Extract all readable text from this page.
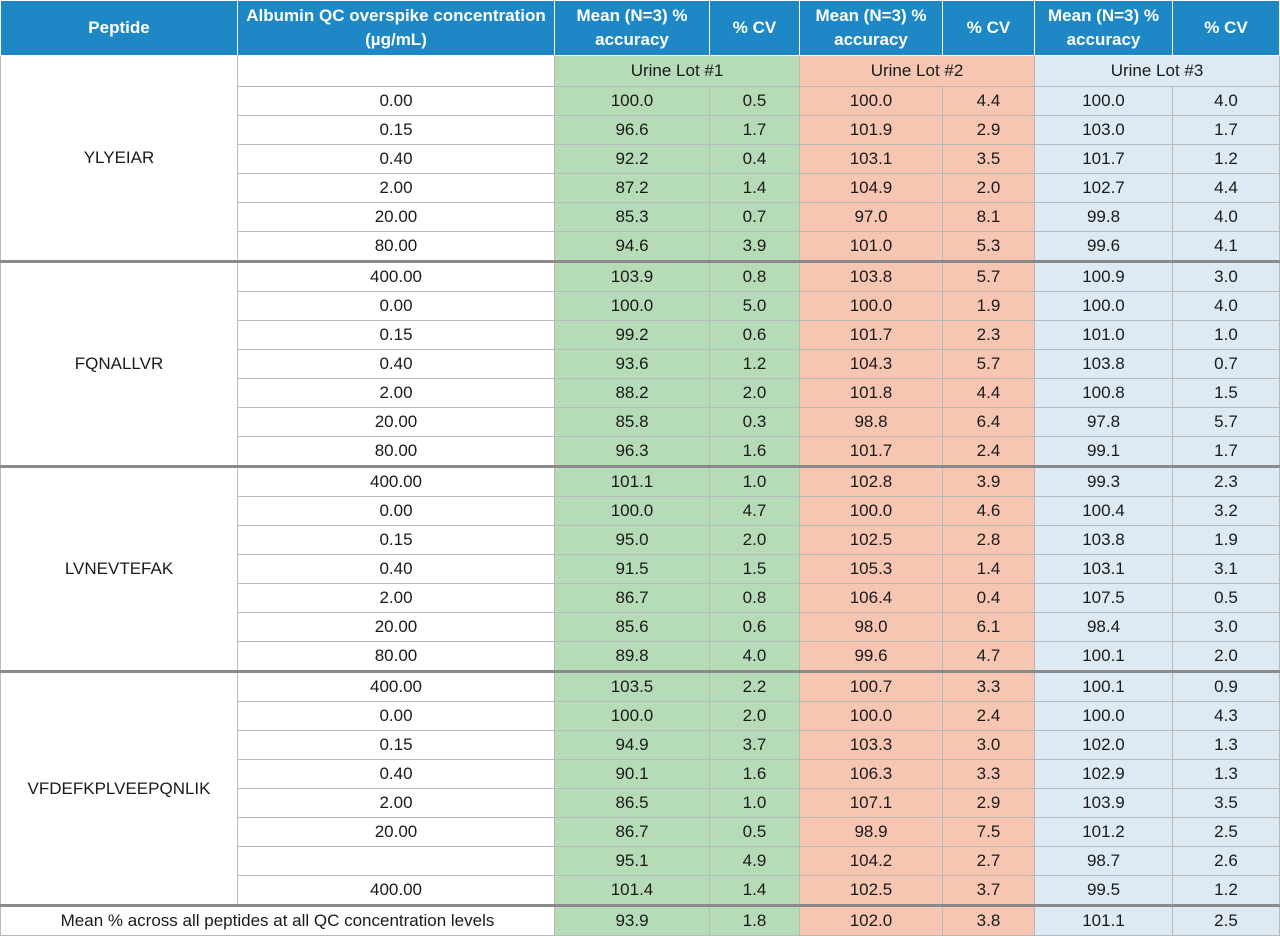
Peptide	Albumin QC overspike concentration (µg/mL)	Mean (N=3) % accuracy	% CV	Mean (N=3) % accuracy	% CV	Mean (N=3) % accuracy	% CV
YLYEIAR		Urine Lot #1		Urine Lot #2		Urine Lot #3	
	0.00	100.0	0.5	100.0	4.4	100.0	4.0
	0.15	96.6	1.7	101.9	2.9	103.0	1.7
	0.40	92.2	0.4	103.1	3.5	101.7	1.2
	2.00	87.2	1.4	104.9	2.0	102.7	4.4
	20.00	85.3	0.7	97.0	8.1	99.8	4.0
	80.00	94.6	3.9	101.0	5.3	99.6	4.1
FQNALLVR	400.00	103.9	0.8	103.8	5.7	100.9	3.0
	0.00	100.0	5.0	100.0	1.9	100.0	4.0
	0.15	99.2	0.6	101.7	2.3	101.0	1.0
	0.40	93.6	1.2	104.3	5.7	103.8	0.7
	2.00	88.2	2.0	101.8	4.4	100.8	1.5
	20.00	85.8	0.3	98.8	6.4	97.8	5.7
	80.00	96.3	1.6	101.7	2.4	99.1	1.7
LVNEVTEFAK	400.00	101.1	1.0	102.8	3.9	99.3	2.3
	0.00	100.0	4.7	100.0	4.6	100.4	3.2
	0.15	95.0	2.0	102.5	2.8	103.8	1.9
	0.40	91.5	1.5	105.3	1.4	103.1	3.1
	2.00	86.7	0.8	106.4	0.4	107.5	0.5
	20.00	85.6	0.6	98.0	6.1	98.4	3.0
	80.00	89.8	4.0	99.6	4.7	100.1	2.0
VFDEFKPLVEEPQNLIK	400.00	103.5	2.2	100.7	3.3	100.1	0.9
	0.00	100.0	2.0	100.0	2.4	100.0	4.3
	0.15	94.9	3.7	103.3	3.0	102.0	1.3
	0.40	90.1	1.6	106.3	3.3	102.9	1.3
	2.00	86.5	1.0	107.1	2.9	103.9	3.5
	20.00	86.7	0.5	98.9	7.5	101.2	2.5
		95.1	4.9	104.2	2.7	98.7	2.6
	400.00	101.4	1.4	102.5	3.7	99.5	1.2
Mean % across all peptides at all QC concentration levels		93.9	1.8	102.0	3.8	101.1	2.5
